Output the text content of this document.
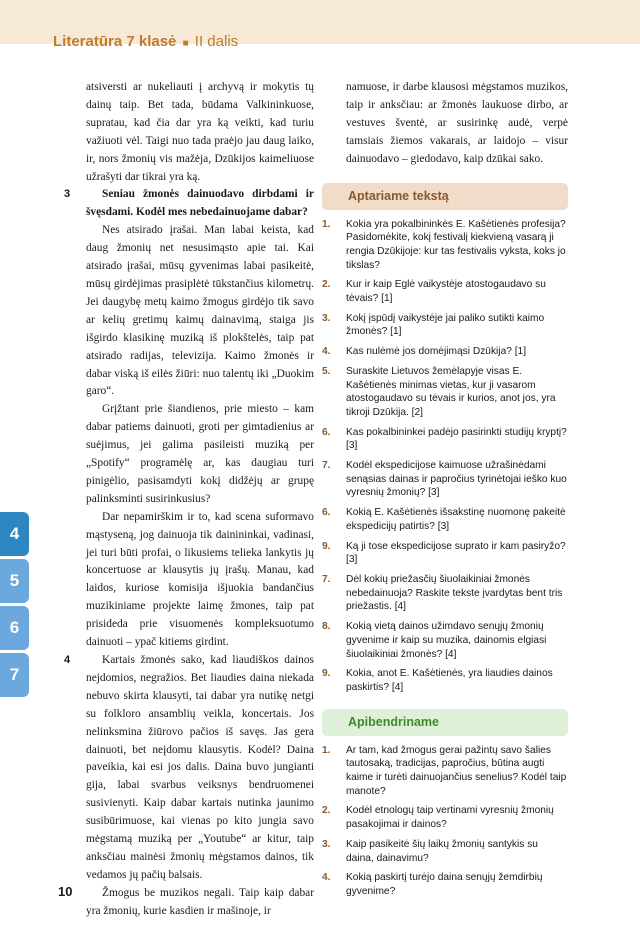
Literatūra 7 klasė ■ II dalis
4
5
6
7

atsiversti ar nukeliauti į archyvą ir mokytis tų dainų taip. Bet tada, būdama Valkininkuose, supratau, kad čia dar yra ką veikti, kad turiu važiuoti vėl. Taigi nuo tada praėjo jau daug laiko, ir, nors žmonių vis mažėja, Dzūkijos kaimeliuose užrašyti dar tikrai yra ką.

3	Seniau žmonės dainuodavo dirbdami ir švęsdami. Kodėl mes nebedainuojame dabar?

Nes atsirado įrašai. Man labai keista, kad daug žmonių net nesusimąsto apie tai. Kai atsirado įrašai, mūsų gyvenimas labai pasikeitė, mūsų girdėjimas prasiplėtė tūkstančius kilometrų. Jei daugybę metų kaimo žmogus girdėjo tik savo ar kelių gretimų kaimų dainavimą, staiga jis išgirdo klasikinę muziką iš plokštelės, taip pat atsirado radijas, televizija. Kaimo žmonės ir dabar viską iš eilės žiūri: nuo talentų iki „Duokim garo“.

Grįžtant prie šiandienos, prie miesto – kam dabar patiems dainuoti, groti per gimtadienius ar suėjimus, jei galima pasileisti muziką per „Spotify“ programėlę ar, kas daugiau turi pinigėlio, pasisamdyti kokį didžėjų ar grupę palinksminti susirinkusius?

Dar nepamirškim ir to, kad scena suformavo mąstyseną, jog dainuoja tik dainininkai, vadinasi, jei turi būti profai, o likusiems telieka lankytis jų koncertuose ar klausytis jų įrašų. Manau, kad laidos, kuriose komisija išjuokia bandančius muzikiniame projekte laimę žmones, taip pat prisideda prie visuomenės kompleksuotumo dainuoti – ypač kitiems girdint.

4	Kartais žmonės sako, kad liaudiškos dainos nejdomios, negražios. Bet liaudies daina niekada nebuvo skirta klausyti, tai dabar yra nutikę netgi su folkloro ansamblių veikla, koncertais. Jos nelinksmina žiūrovo pačios iš savęs. Jas gera dainuoti, bet neįdomu klausytis. Kodėl? Daina paveikia, kai esi jos dalis. Daina buvo jungianti gija, labai svarbus veiksnys bendruomenei susivienyti. Kaip dabar kartais nutinka jaunimo susibūrimuose, kai vienas po kito jungia savo mėgstamą muziką per „Youtube“ ar kitur, taip anksčiau mainėsi žmonių mėgstamos dainos, tik vedamos jų pačių balsais.

Žmogus be muzikos negali. Taip kaip dabar yra žmonių, kurie kasdien ir mašinoje, ir

namuose, ir darbe klausosi mėgstamos muzikos, taip ir anksčiau: ar žmonės laukuose dirbo, ar vestuves šventė, ar susirinkę audė, verpė tamsiais žiemos vakarais, ar laidojo – visur dainuodavo – giedodavo, kaip dzūkai sako.

Aptariame tekstą
1. Kokia yra pokalbininkės E. Kašėtienės profesija? Pasidomėkite, kokį festivalį kiekvieną vasarą ji rengia Dzūkijoje: kur tas festivalis vyksta, koks jo tikslas?
2. Kur ir kaip Eglė vaikystėje atostogaudavo su tėvais? [1]
3. Kokį įspūdį vaikystėje jai paliko sutikti kaimo žmonės? [1]
4. Kas nulėmė jos domėjimąsi Dzūkija? [1]
5. Suraskite Lietuvos žemėlapyje visas E. Kašėtienės minimas vietas, kur ji vasarom atostogaudavo su tėvais ir kurios, anot jos, yra tikroji Dzūkija. [2]
6. Kas pokalbininkei padėjo pasirinkti studijų kryptį? [3]
7. Kodėl ekspedicijose kaimuose užrašinėdami senąsias dainas ir papročius tyrinėtojai ieško kuo vyresnių žmonių? [3]
6. Kokią E. Kašėtienės išsakstinę nuomonę pakeitė ekspedicijų patirtis? [3]
9. Ką ji tose ekspedicijose suprato ir kam pasiryžo? [3]
7. Dėl kokių priežasčių šiuolaikiniai žmonės nebedainuoja? Raskite tekste įvardytas bent tris priežastis. [4]
8. Kokią vietą dainos užimdavo senųjų žmonių gyvenime ir kaip su muzika, dainomis elgiasi šiuolaikiniai žmonės? [4]
9. Kokia, anot E. Kašėtienės, yra liaudies dainos paskirtis? [4]
Apibendriname
1. Ar tam, kad žmogus gerai pažintų savo šalies tautosaką, tradicijas, papročius, būtina augti kaime ir turėti dainuojančius senelius? Kodėl taip manote?
2. Kodėl etnologų taip vertinami vyresnių žmonių pasakojimai ir dainos?
3. Kaip pasikeitė šių laikų žmonių santykis su daina, dainavimu?
4. Kokią paskirtį turėjo daina senųjų žemdirbių gyvenime?
10
